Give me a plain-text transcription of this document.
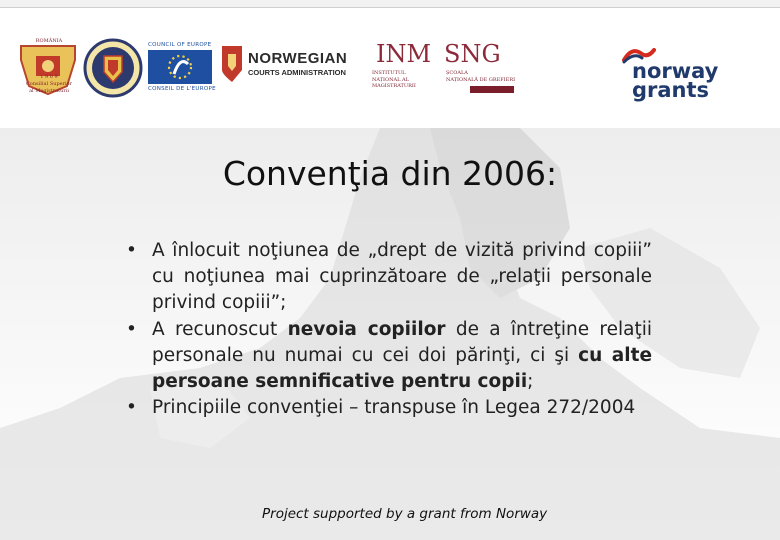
ROMÂNIA
1 9 0 9
Consiliul Superior
al Magistraturii
COUNCIL OF EUROPE
CONSEIL DE L'EUROPE
NORWEGIAN
COURTS ADMINISTRATION
INM
INSTITUTUL
NAȚIONAL AL
MAGISTRATURII
SNG
ȘCOALA
NAȚIONALĂ DE GREFIERI	norway
grants
Convenţia din 2006:

• A înlocuit noţiunea de „drept de vizită privind copiii” cu noţiunea mai cuprinzătoare de „relaţii personale privind copiii”;

• A recunoscut nevoia copiilor de a întreţine relaţii personale nu numai cu cei doi părinţi, ci şi cu alte persoane semnificative pentru copii;

• Principiile convenţiei – transpuse în Legea 272/2004

Project supported by a grant from Norway
